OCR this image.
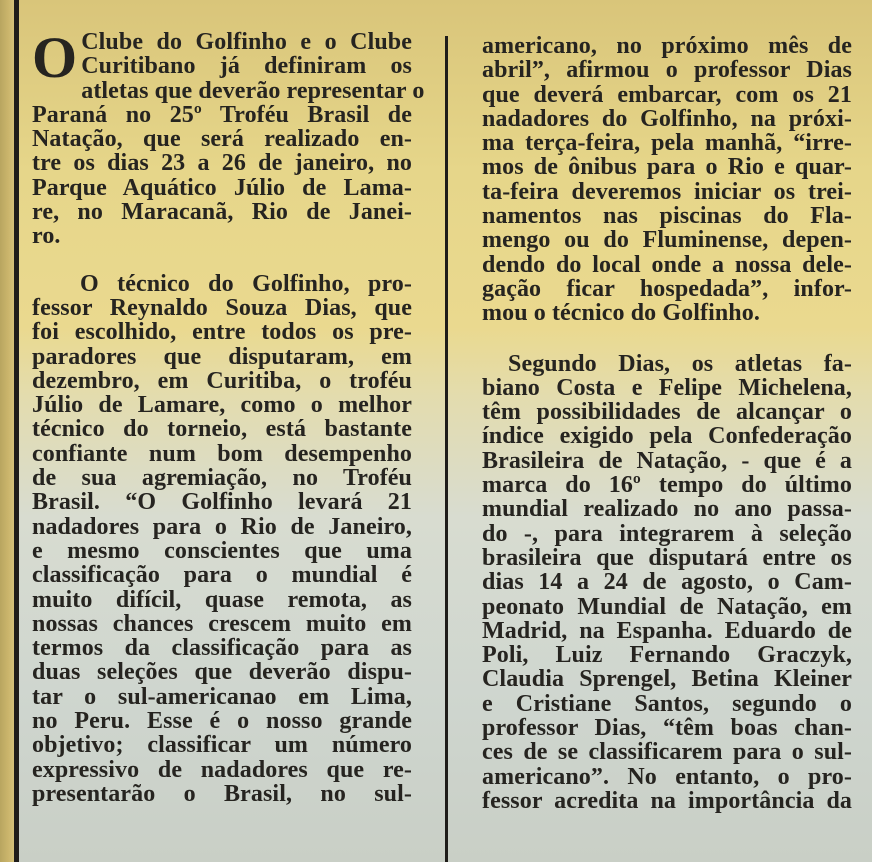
O Clube do Golfinho e o Clube
Curitibano já definiram os
atletas que deverão representar o
Paraná no 25º Troféu Brasil de
Natação, que será realizado en-
tre os dias 23 a 26 de janeiro, no
Parque Aquático Júlio de Lama-
re, no Maracanã, Rio de Janei-
ro.
O técnico do Golfinho, pro-
fessor Reynaldo Souza Dias, que
foi escolhido, entre todos os pre-
paradores que disputaram, em
dezembro, em Curitiba, o troféu
Júlio de Lamare, como o melhor
técnico do torneio, está bastante
confiante num bom desempenho
de sua agremiação, no Troféu
Brasil. “O Golfinho levará 21
nadadores para o Rio de Janeiro,
e mesmo conscientes que uma
classificação para o mundial é
muito difícil, quase remota, as
nossas chances crescem muito em
termos da classificação para as
duas seleções que deverão dispu-
tar o sul-americanao em Lima,
no Peru. Esse é o nosso grande
objetivo; classificar um número
expressivo de nadadores que re-
presentarão o Brasil, no sul-
americano, no próximo mês de
abril”, afirmou o professor Dias
que deverá embarcar, com os 21
nadadores do Golfinho, na próxi-
ma terça-feira, pela manhã, “irre-
mos de ônibus para o Rio e quar-
ta-feira deveremos iniciar os trei-
namentos nas piscinas do Fla-
mengo ou do Fluminense, depen-
dendo do local onde a nossa dele-
gação ficar hospedada”, infor-
mou o técnico do Golfinho.
Segundo Dias, os atletas fa-
biano Costa e Felipe Michelena,
têm possibilidades de alcançar o
índice exigido pela Confederação
Brasileira de Natação, - que é a
marca do 16º tempo do último
mundial realizado no ano passa-
do -, para integrarem à seleção
brasileira que disputará entre os
dias 14 a 24 de agosto, o Cam-
peonato Mundial de Natação, em
Madrid, na Espanha. Eduardo de
Poli, Luiz Fernando Graczyk,
Claudia Sprengel, Betina Kleiner
e Cristiane Santos, segundo o
professor Dias, “têm boas chan-
ces de se classificarem para o sul-
americano”. No entanto, o pro-
fessor acredita na importância da
